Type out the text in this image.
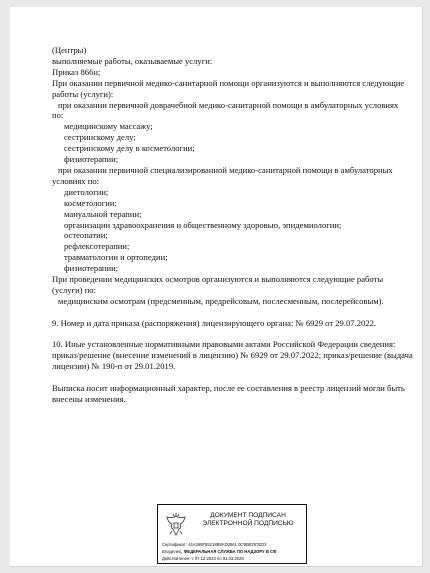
(Центры)
выполняемые работы, оказываемые услуги:
Приказ 866н;
При оказании первичной медико-санитарной помощи организуются и выполняются следующие
работы (услуги):
при оказании первичной доврачебной медико-санитарной помощи в амбулаторных условиях
по:
медицинскому массажу;
сестринскому делу;
сестринскому делу в косметологии;
физиотерапии;
при оказании первичной специализированной медико-санитарной помощи в амбулаторных
условиях по:
диетологии;
косметологии;
мануальной терапии;
организации здравоохранения и общественному здоровью, эпидемиологии;
остеопатии;
рефлексотерапии;
травматологии и ортопедии;
физиотерапии;
При проведении медицинских осмотров организуются и выполняются следующие работы
(услуги) по:
медицинским осмотрам (предсменным, предрейсовым, послесменным, послерейсовым).
9. Номер и дата приказа (распоряжения) лицензирующего органа: № 6929 от 29.07.2022.
10. Иные установленные нормативными правовыми актами Российской Федерации сведения:
приказ/решение (внесение изменений в лицензию) № 6929 от 29.07.2022; приказ/решение (выдача
лицензии) № 190-п от 29.01.2019.
Выписка носит информационный характер, после ее составления в реестр лицензий могли быть
внесены изменения.
ДОКУМЕНТ ПОДПИСАН
ЭЛЕКТРОННОЙ ПОДПИСЬЮ
Сертификат: 44A369F55218B8AD0861 0CBB8257ED3
Владелец: ФЕДЕРАЛЬНАЯ СЛУЖБА ПО НАДЗОРУ В СФ
Действителен: с 07.12.2023 по 01.03.2025
